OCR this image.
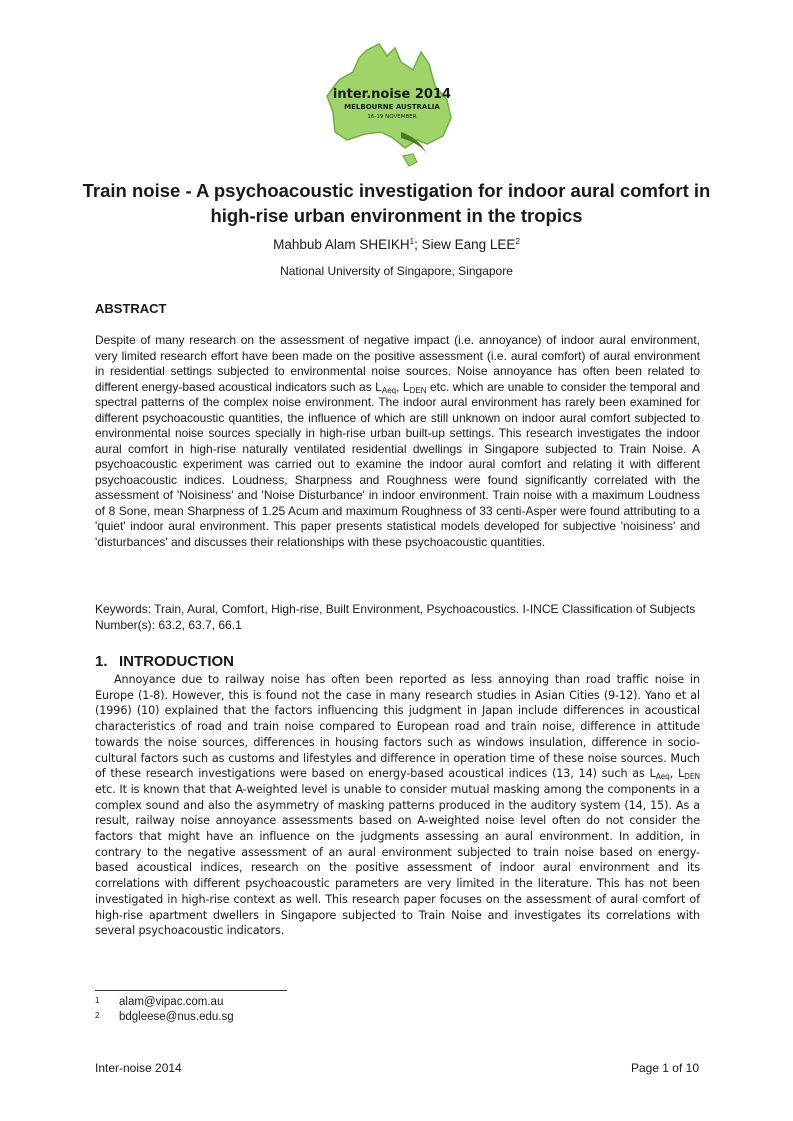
inter.noise 2014
MELBOURNE AUSTRALIA
16-19 NOVEMBER
Train noise - A psychoacoustic investigation for indoor aural comfort in high-rise urban environment in the tropics
Mahbub Alam SHEIKH$^1$; Siew Eang LEE$^2$
National University of Singapore, Singapore
ABSTRACT

Despite of many research on the assessment of negative impact (i.e. annoyance) of indoor aural environment, very limited research effort have been made on the positive assessment (i.e. aural comfort) of aural environment in residential settings subjected to environmental noise sources. Noise annoyance has often been related to different energy-based acoustical indicators such as $L_{Aeq}$, $L_{DEN}$ etc. which are unable to consider the temporal and spectral patterns of the complex noise environment. The indoor aural environment has rarely been examined for different psychoacoustic quantities, the influence of which are still unknown on indoor aural comfort subjected to environmental noise sources specially in high-rise urban built-up settings. This research investigates the indoor aural comfort in high-rise naturally ventilated residential dwellings in Singapore subjected to Train Noise. A psychoacoustic experiment was carried out to examine the indoor aural comfort and relating it with different psychoacoustic indices. Loudness, Sharpness and Roughness were found significantly correlated with the assessment of 'Noisiness' and 'Noise Disturbance' in indoor environment. Train noise with a maximum Loudness of 8 Sone, mean Sharpness of 1.25 Acum and maximum Roughness of 33 centi-Asper were found attributing to a 'quiet' indoor aural environment. This paper presents statistical models developed for subjective 'noisiness' and 'disturbances' and discusses their relationships with these psychoacoustic quantities.

Keywords: Train, Aural, Comfort, High-rise, Built Environment, Psychoacoustics. I-INCE Classification of Subjects Number(s): 63.2, 63.7, 66.1

1. INTRODUCTION

Annoyance due to railway noise has often been reported as less annoying than road traffic noise in Europe (1-8). However, this is found not the case in many research studies in Asian Cities (9-12). Yano et al (1996) (10) explained that the factors influencing this judgment in Japan include differences in acoustical characteristics of road and train noise compared to European road and train noise, difference in attitude towards the noise sources, differences in housing factors such as windows insulation, difference in socio-cultural factors such as customs and lifestyles and difference in operation time of these noise sources. Much of these research investigations were based on energy-based acoustical indices (13, 14) such as $L_{Aeq}$, $L_{DEN}$ etc. It is known that that A-weighted level is unable to consider mutual masking among the components in a complex sound and also the asymmetry of masking patterns produced in the auditory system (14, 15). As a result, railway noise annoyance assessments based on A-weighted noise level often do not consider the factors that might have an influence on the judgments assessing an aural environment. In addition, in contrary to the negative assessment of an aural environment subjected to train noise based on energy-based acoustical indices, research on the positive assessment of indoor aural environment and its correlations with different psychoacoustic parameters are very limited in the literature. This has not been investigated in high-rise context as well. This research paper focuses on the assessment of aural comfort of high-rise apartment dwellers in Singapore subjected to Train Noise and investigates its correlations with several psychoacoustic indicators.

1	alam@vipac.com.au
2	bdgleese@nus.edu.sg
Inter-noise 2014	Page 1 of 10
